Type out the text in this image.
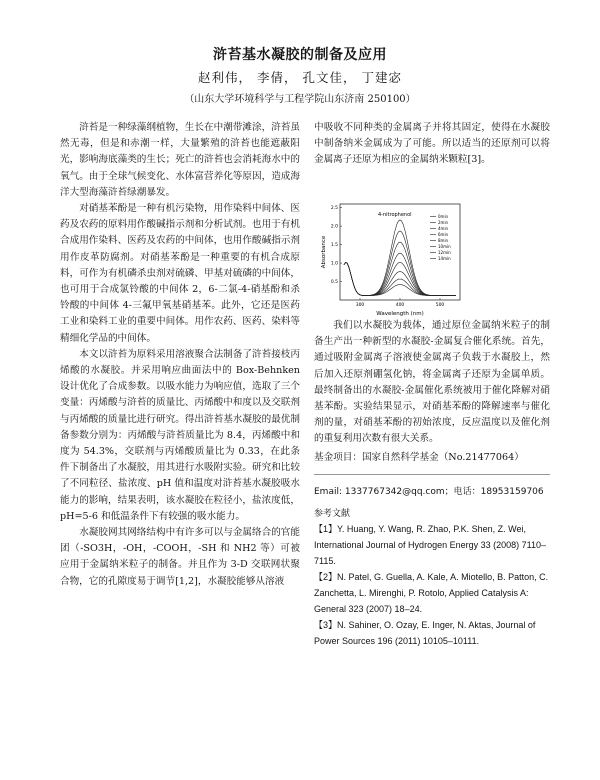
浒苔基水凝胶的制备及应用
赵利伟， 李倩， 孔文佳， 丁建宓
（山东大学环境科学与工程学院山东济南 250100）

浒苔是一种绿藻纲植物，生长在中潮带滩涂，浒苔虽然无毒，但是和赤潮一样，大量繁殖的浒苔也能遮蔽阳光，影响海底藻类的生长；死亡的浒苔也会消耗海水中的氧气。由于全球气候变化、水体富营养化等原因，造成海洋大型海藻浒苔绿潮暴发。

对硝基苯酚是一种有机污染物，用作染料中间体、医药及农药的原料用作酸碱指示剂和分析试剂。也用于有机合成用作染料、医药及农药的中间体，也用作酸碱指示剂用作皮革防腐剂。对硝基苯酚是一种重要的有机合成原料，可作为有机磷杀虫剂对硫磷、甲基对硫磷的中间体，也可用于合成氯铃酸的中间体 2，6-二氯-4-硝基酚和杀铃酸的中间体 4-三氟甲氧基硝基苯。此外，它还是医药工业和染料工业的重要中间体。用作农药、医药、染料等精细化学品的中间体。

本文以浒苔为原料采用溶液聚合法制备了浒苔接枝丙烯酸的水凝胶。并采用响应曲面法中的 Box-Behnken 设计优化了合成参数。以吸水能力为响应值，选取了三个变量：丙烯酸与浒苔的质量比、丙烯酸中和度以及交联剂与丙烯酸的质量比进行研究。得出浒苔基水凝胶的最优制备参数分别为：丙烯酸与浒苔质量比为 8.4，丙烯酸中和度为 54.3%，交联剂与丙烯酸质量比为 0.33，在此条件下制备出了水凝胶，用其进行水吸附实验。研究和比较了不同粒径、盐浓度、pH 值和温度对浒苔基水凝胶吸水能力的影响，结果表明，该水凝胶在粒径小，盐浓度低，pH=5-6 和低温条件下有较强的吸水能力。

水凝胶网其网络结构中有许多可以与金属络合的官能团（-SO3H，-OH，-COOH，-SH 和 NH2 等）可被应用于金属纳米粒子的制备。并且作为 3-D 交联网状聚合物，它的孔隙度易于调节[1,2]，水凝胶能够从溶液

中吸收不同种类的金属离子并将其固定，使得在水凝胶中制备纳米金属成为了可能。所以适当的还原剂可以将金属离子还原为相应的金属纳米颗粒[3]。

0.5
1.0
1.5
2.0
2.5
300	400	500
0min
2min
4min
6min
8min
10min
12min
14min
4-nitrophenol
Wavelength (nm)
Absorbance

我们以水凝胶为载体，通过原位金属纳米粒子的制备生产出一种新型的水凝胶-金属复合催化系统。首先，通过吸附金属离子溶液使金属离子负载于水凝胶上，然后加入还原剂硼氢化钠，将金属离子还原为金属单质。最终制备出的水凝胶-金属催化系统被用于催化降解对硝基苯酚。实验结果显示，对硝基苯酚的降解速率与催化剂的量，对硝基苯酚的初始浓度，反应温度以及催化剂的重复利用次数有很大关系。

基金项目：国家自然科学基金（No.21477064）

Email: 1337767342@qq.com；电话：18953159706

参考文献

【1】Y. Huang, Y. Wang, R. Zhao, P.K. Shen, Z. Wei, International Journal of Hydrogen Energy 33 (2008) 7110–7115.

【2】N. Patel, G. Guella, A. Kale, A. Miotello, B. Patton, C. Zanchetta, L. Mirenghi, P. Rotolo, Applied Catalysis A: General 323 (2007) 18–24.

【3】N. Sahiner, O. Ozay, E. Inger, N. Aktas, Journal of Power Sources 196 (2011) 10105–10111.
